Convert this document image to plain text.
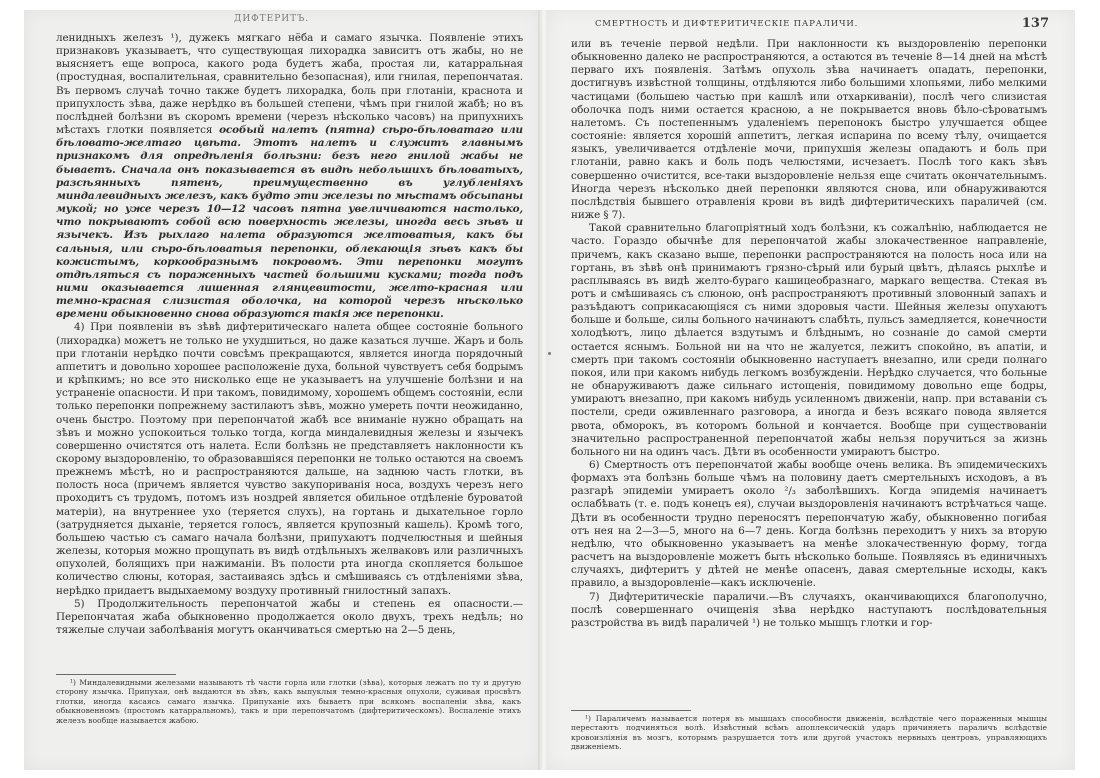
ДИФТЕРИТЪ.

ленидныхъ железъ ¹), дужекъ мягкаго нёба и самаго язычка. Появленіе этихъ признаковъ указываетъ, что существующая лихорадка зависитъ отъ жабы, но не выясняетъ еще вопроса, какого рода будетъ жаба, простая ли, катарральная (простудная, воспалительная, сравнительно безопасная), или гнилая, перепончатая. Въ первомъ случаѣ точно также будетъ лихорадка, боль при глотаніи, краснота и припухлость зѣва, даже нерѣдко въ большей степени, чѣмъ при гнилой жабѣ; но въ послѣдней болѣзни въ скоромъ времени (черезъ нѣсколько часовъ) на припухнихъ мѣстахъ глотки появляется особый налетъ (пятна) сѣро-бѣловатаго или бѣловато-желтаго цвѣта. Этотъ налетъ и служитъ главнымъ признакомъ для опредѣленія болѣзни: безъ него гнилой жабы не бываетъ. Сначала онъ показывается въ видѣ небольшихъ бѣловатыхъ, разсѣянныхъ пятенъ, преимущественно въ углубленіяхъ миндалевидныхъ железъ, какъ будто эти железы по мѣстамъ обсыпаны мукой; но уже черезъ 10—12 часовъ пятна увеличиваются настолько, что покрываютъ собой всю поверхность железы, иногда весь зѣвъ и язычекъ. Изъ рыхлаго налета образуются желтоватыя, какъ бы сальныя, или сѣро-бѣловатыя перепонки, облекающія зѣвъ какъ бы кожистымъ, коркообразнымъ покровомъ. Эти перепонки могутъ отдѣляться съ пораженныхъ частей большими кусками; тогда подъ ними оказывается лишенная глянцевитости, желто-красная или темно-красная слизистая оболочка, на которой черезъ нѣсколько времени обыкновенно снова образуются такія же перепонки.

4) При появленіи въ зѣвѣ дифтеритическаго налета общее состояніе больного (лихорадка) можетъ не только не ухудшиться, но даже казаться лучше. Жаръ и боль при глотаніи нерѣдко почти совсѣмъ прекращаются, является иногда порядочный аппетитъ и довольно хорошее расположеніе духа, больной чувствуетъ себя бодрымъ и крѣпкимъ; но все это нисколько еще не указываетъ на улучшеніе болѣзни и на устраненіе опасности. И при такомъ, повидимому, хорошемъ общемъ состояніи, если только перепонки попрежнему застилаютъ зѣвъ, можно умереть почти неожиданно, очень быстро. Поэтому при перепончатой жабѣ все вниманіе нужно обращать на зѣвъ и можно успокоиться только тогда, когда миндалевидныя железы и язычекъ совершенно очистятся отъ налета. Если болѣзнь не представляетъ наклонности къ скорому выздоровленію, то образовавшіяся перепонки не только остаются на своемъ прежнемъ мѣстѣ, но и распространяются дальше, на заднюю часть глотки, въ полость носа (причемъ является чувство закупориванія носа, воздухъ черезъ него проходитъ съ трудомъ, потомъ изъ ноздрей является обильное отдѣленіе буроватой матеріи), на внутреннее ухо (теряется слухъ), на гортань и дыхательное горло (затрудняется дыханіе, теряется голосъ, является крупозный кашель). Кромѣ того, большею частью съ самаго начала болѣзни, припухаютъ подчелюстныя и шейныя железы, которыя можно прощупать въ видѣ отдѣльныхъ желваковъ или различныхъ опухолей, болящихъ при нажиманіи. Въ полости рта иногда скопляется большое количество слюны, которая, застаиваясь здѣсь и смѣшиваясь съ отдѣленіями зѣва, нерѣдко придаетъ выдыхаемому воздуху противный гнилостный запахъ.

5) Продолжительность перепончатой жабы и степень ея опасности.— Перепончатая жаба обыкновенно продолжается около двухъ, трехъ недѣль; но тяжелые случаи заболѣванія могутъ оканчиваться смертью на 2—5 день,

¹) Миндалевидными железами называютъ тѣ части горла или глотки (зѣва), которыя лежатъ по ту и другую сторону язычка. Припухая, онѣ выдаются въ зѣвъ, какъ выпуклыя темно-красныя опухоли, суживая просвѣтъ глотки, иногда касаясь самаго язычка. Припуханіе ихъ бываетъ при всякомъ воспаленіи зѣва, какъ обыкновенномъ (простомъ катарральномъ), такъ и при перепончатомъ (дифтеритическомъ). Воспаленіе этихъ железъ вообще называется жабою.

СМЕРТНОСТЬ И ДИФТЕРИТИЧЕСКІЕ ПАРАЛИЧИ.	137

или въ теченіе первой недѣли. При наклонности къ выздоровленію перепонки обыкновенно далеко не распространяются, а остаются въ теченіе 8—14 дней на мѣстѣ перваго ихъ появленія. Затѣмъ опухоль зѣва начинаетъ опадать, перепонки, достигнувъ извѣстной толщины, отдѣляются либо большими хлопьями, либо мелкими частицами (большею частью при кашлѣ или отхаркиваніи), послѣ чего слизистая оболочка подъ ними остается красною, а не покрывается вновь бѣло-сѣроватымъ налетомъ. Съ постепеннымъ удаленіемъ перепонокъ быстро улучшается общее состояніе: является хорошій аппетитъ, легкая испарина по всему тѣлу, очищается языкъ, увеличивается отдѣленіе мочи, припухшія железы опадаютъ и боль при глотаніи, равно какъ и боль подъ челюстями, исчезаетъ. Послѣ того какъ зѣвъ совершенно очистится, все-таки выздоровленіе нельзя еще считать окончательнымъ. Иногда черезъ нѣсколько дней перепонки являются снова, или обнаруживаются послѣдствія бывшего отравленія крови въ видѣ дифтеритическихъ параличей (см. ниже § 7).

Такой сравнительно благопріятный ходъ болѣзни, къ сожалѣнію, наблюдается не часто. Гораздо обычнѣе для перепончатой жабы злокачественное направленіе, причемъ, какъ сказано выше, перепонки распространяются на полость носа или на гортань, въ зѣвѣ онѣ принимаютъ грязно-сѣрый или бурый цвѣтъ, дѣлаясь рыхлѣе и расплываясь въ видѣ желто-бураго кашицеобразнаго, маркаго вещества. Стекая въ ротъ и смѣшиваясь съ слюною, онѣ распространяютъ противный зловонный запахъ и разъѣдаютъ соприкасающіяся съ ними здоровыя части. Шейныя железы опухаютъ больше и больше, силы больного начинаютъ слабѣть, пульсъ замедляется, конечности холодѣютъ, лицо дѣлается вздутымъ и блѣднымъ, но сознаніе до самой смерти остается яснымъ. Больной ни на что не жалуется, лежитъ спокойно, въ апатіи, и смерть при такомъ состояніи обыкновенно наступаетъ внезапно, или среди полнаго покоя, или при какомъ нибудь легкомъ возбужденіи. Нерѣдко случается, что больные не обнаруживаютъ даже сильнаго истощенія, повидимому довольно еще бодры, умираютъ внезапно, при какомъ нибудь усиленномъ движеніи, напр. при вставаніи съ постели, среди оживленнаго разговора, а иногда и безъ всякаго повода является рвота, обморокъ, въ которомъ больной и кончается. Вообще при существованіи значительно распространенной перепончатой жабы нельзя поручиться за жизнь больного ни на одинъ часъ. Дѣти въ особенности умираютъ быстро.

6) Смертность отъ перепончатой жабы вообще очень велика. Въ эпидемическихъ формахъ эта болѣзнь больше чѣмъ на половину даетъ смертельныхъ исходовъ, а въ разгарѣ эпидеміи умираетъ около ²/₃ заболѣвшихъ. Когда эпидемія начинаетъ ослабѣвать (т. е. подъ конецъ ея), случаи выздоровленія начинаютъ встрѣчаться чаще. Дѣти въ особенности трудно переносятъ перепончатую жабу, обыкновенно погибая отъ нея на 2—3—5, много на 6—7 день. Когда болѣзнь переходитъ у нихъ за вторую недѣлю, что обыкновенно указываетъ на менѣе злокачественную форму, тогда расчетъ на выздоровленіе можетъ быть нѣсколько больше. Появляясь въ единичныхъ случаяхъ, дифтеритъ у дѣтей не менѣе опасенъ, давая смертельные исходы, какъ правило, а выздоровленіе—какъ исключеніе.

7) Дифтеритическіе параличи.—Въ случаяхъ, оканчивающихся благополучно, послѣ совершеннаго очищенія зѣва нерѣдко наступаютъ послѣдовательныя разстройства въ видѣ параличей ¹) не только мышцъ глотки и гор-

¹) Параличемъ называется потеря въ мышцахъ способности движенія, вслѣдствіе чего пораженныя мышцы перестаютъ подчиняться волѣ. Извѣстный всѣмъ апоплексическій ударъ причиняетъ параличъ вслѣдствіе кровоизліянія въ мозгъ, которымъ разрушается тотъ или другой участокъ нервныхъ центровъ, управляющихъ движеніемъ.
